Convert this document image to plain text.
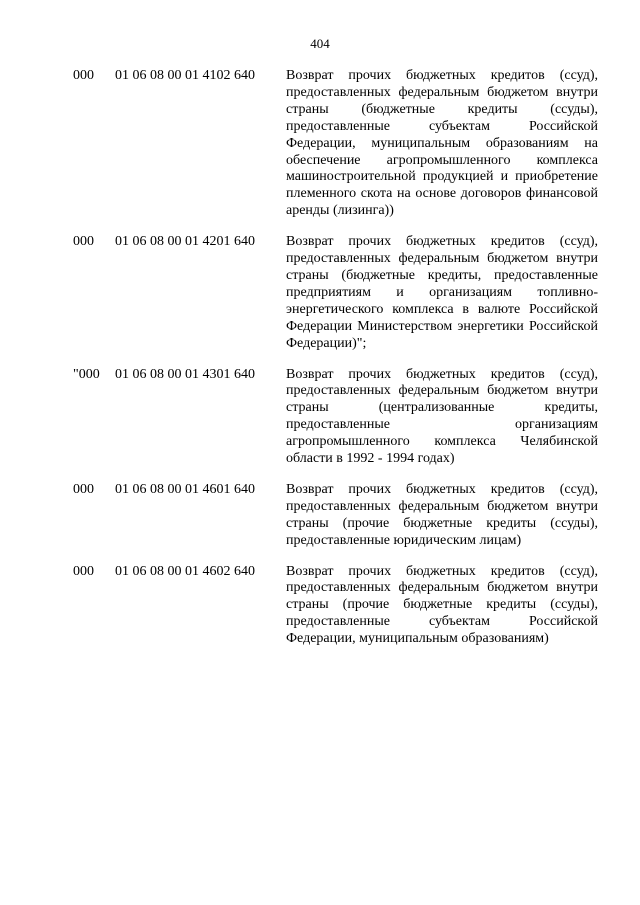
404
000 01 06 08 00 01 4102 640 Возврат прочих бюджетных кредитов (ссуд), предоставленных федеральным бюджетом внутри страны (бюджетные кредиты (ссуды), предоставленные субъектам Российской Федерации, муниципальным образованиям на обеспечение агропромышленного комплекса машиностроительной продукцией и приобретение племенного скота на основе договоров финансовой аренды (лизинга))
000 01 06 08 00 01 4201 640 Возврат прочих бюджетных кредитов (ссуд), предоставленных федеральным бюджетом внутри страны (бюджетные кредиты, предоставленные предприятиям и организациям топливно-энергетического комплекса в валюте Российской Федерации Министерством энергетики Российской Федерации)";
"000 01 06 08 00 01 4301 640 Возврат прочих бюджетных кредитов (ссуд), предоставленных федеральным бюджетом внутри страны (централизованные кредиты, предоставленные организациям агропромышленного комплекса Челябинской области в 1992 - 1994 годах)
000 01 06 08 00 01 4601 640 Возврат прочих бюджетных кредитов (ссуд), предоставленных федеральным бюджетом внутри страны (прочие бюджетные кредиты (ссуды), предоставленные юридическим лицам)
000 01 06 08 00 01 4602 640 Возврат прочих бюджетных кредитов (ссуд), предоставленных федеральным бюджетом внутри страны (прочие бюджетные кредиты (ссуды), предоставленные субъектам Российской Федерации, муниципальным образованиям)
